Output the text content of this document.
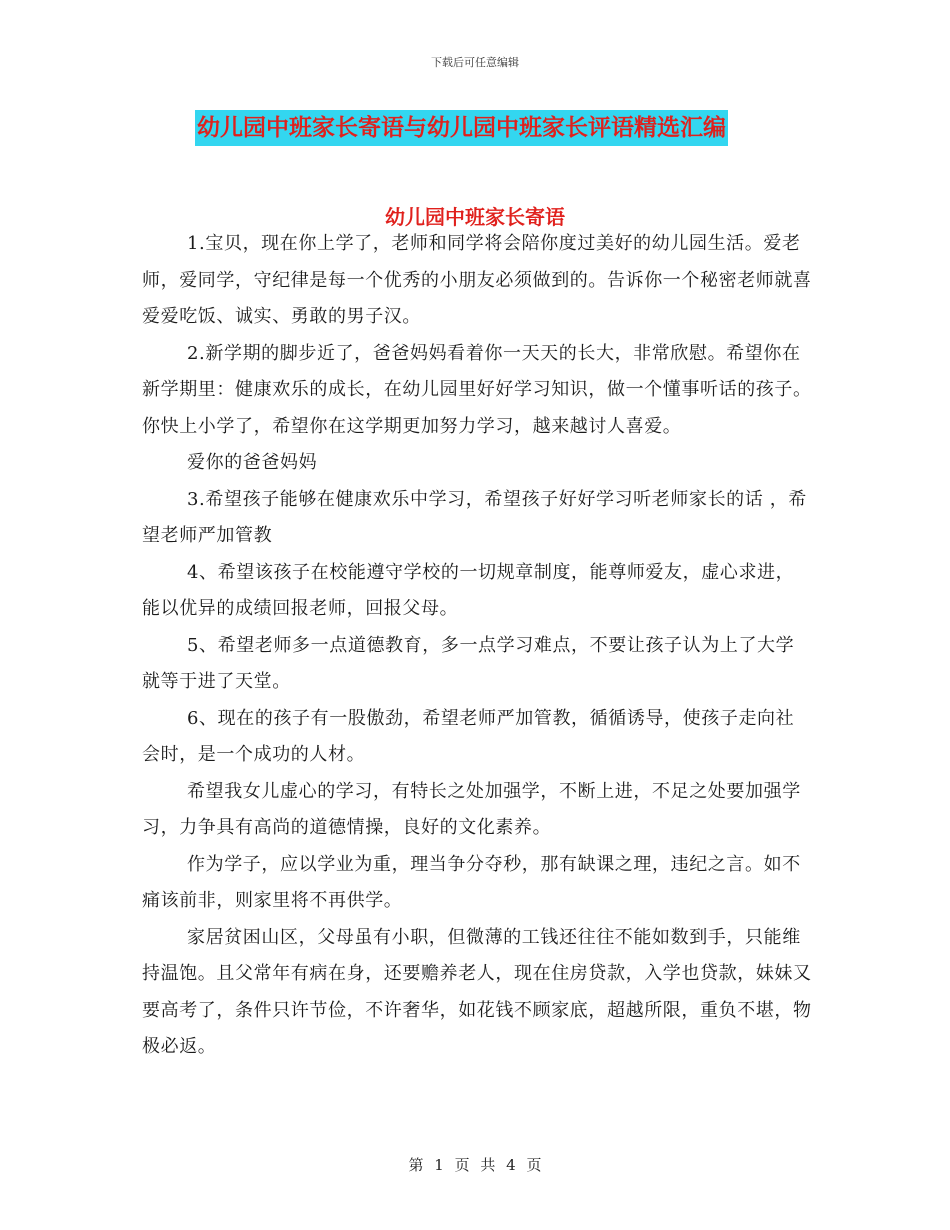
下载后可任意编辑
幼儿园中班家长寄语与幼儿园中班家长评语精选汇编
幼儿园中班家长寄语

1.宝贝，现在你上学了，老师和同学将会陪你度过美好的幼儿园生活。爱老师，爱同学，守纪律是每一个优秀的小朋友必须做到的。告诉你一个秘密老师就喜爱爱吃饭、诚实、勇敢的男子汉。

2.新学期的脚步近了，爸爸妈妈看着你一天天的长大，非常欣慰。希望你在新学期里：健康欢乐的成长，在幼儿园里好好学习知识，做一个懂事听话的孩子。你快上小学了，希望你在这学期更加努力学习，越来越讨人喜爱。

爱你的爸爸妈妈

3.希望孩子能够在健康欢乐中学习，希望孩子好好学习听老师家长的话 ，希望老师严加管教

4、希望该孩子在校能遵守学校的一切规章制度，能尊师爱友，虚心求进，能以优异的成绩回报老师，回报父母。

5、希望老师多一点道德教育，多一点学习难点，不要让孩子认为上了大学就等于进了天堂。

6、现在的孩子有一股傲劲，希望老师严加管教，循循诱导，使孩子走向社会时，是一个成功的人材。

希望我女儿虚心的学习，有特长之处加强学，不断上进，不足之处要加强学习，力争具有高尚的道德情操，良好的文化素养。

作为学子，应以学业为重，理当争分夺秒，那有缺课之理，违纪之言。如不痛该前非，则家里将不再供学。

家居贫困山区，父母虽有小职，但微薄的工钱还往往不能如数到手，只能维持温饱。且父常年有病在身，还要赡养老人，现在住房贷款，入学也贷款，妹妹又要高考了，条件只许节俭，不许奢华，如花钱不顾家底，超越所限，重负不堪，物极必返。

第 1 页 共 4 页
